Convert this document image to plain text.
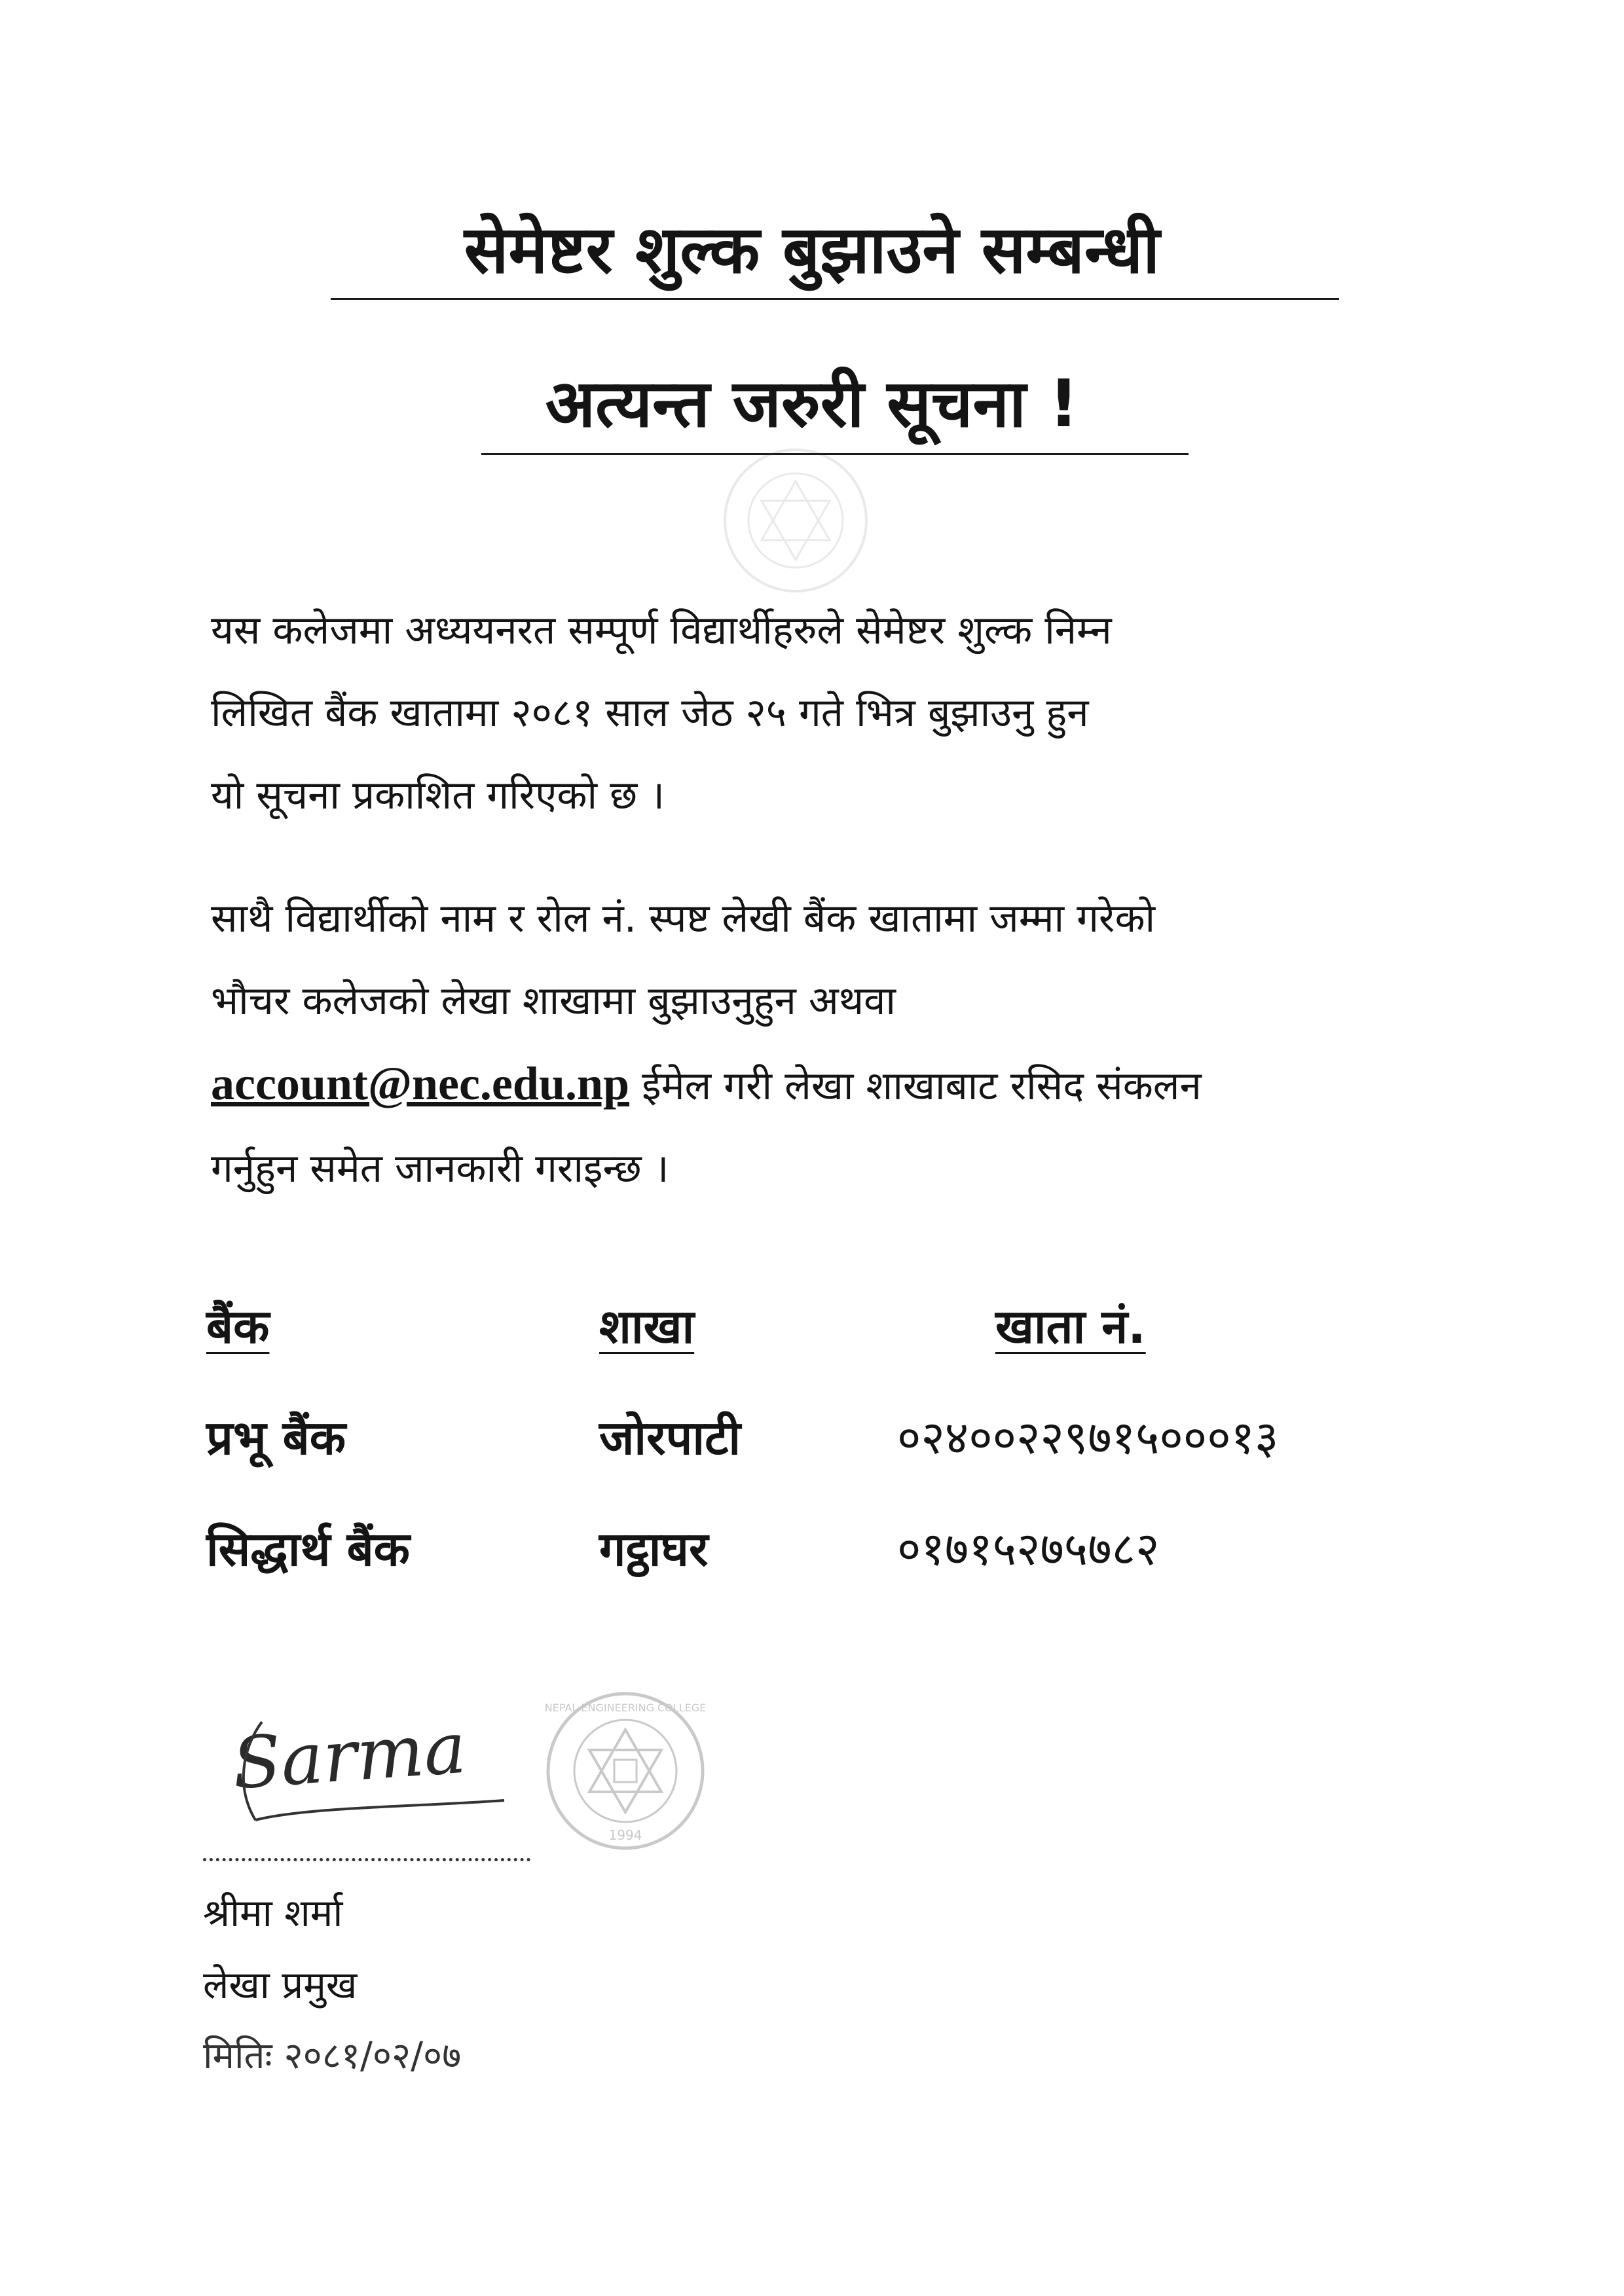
सेमेष्टर शुल्क बुझाउने सम्बन्धी
अत्यन्त जरुरी सूचना !
यस कलेजमा अध्ययनरत सम्पूर्ण विद्यार्थीहरुले सेमेष्टर शुल्क निम्न
लिखित बैंक खातामा २०८१ साल जेठ २५ गते भित्र बुझाउनु हुन
यो सूचना प्रकाशित गरिएको छ ।
साथै विद्यार्थीको नाम र रोल नं. स्पष्ट लेखी बैंक खातामा जम्मा गरेको
भौचर कलेजको लेखा शाखामा बुझाउनुहुन अथवा
account@nec.edu.np ईमेल गरी लेखा शाखाबाट रसिद संकलन
गर्नुहुन समेत जानकारी गराइन्छ ।
बैंक	शाखा	खाता नं.
प्रभू बैंक	जोरपाटी	०२४००२२९७१५०००१३
सिद्धार्थ बैंक	गट्ठाघर	०१७१५२७५७८२
Sarma
1994
NEPAL ENGINEERING COLLEGE
श्रीमा शर्मा
लेखा प्रमुख
मितिः २०८१/०२/०७
